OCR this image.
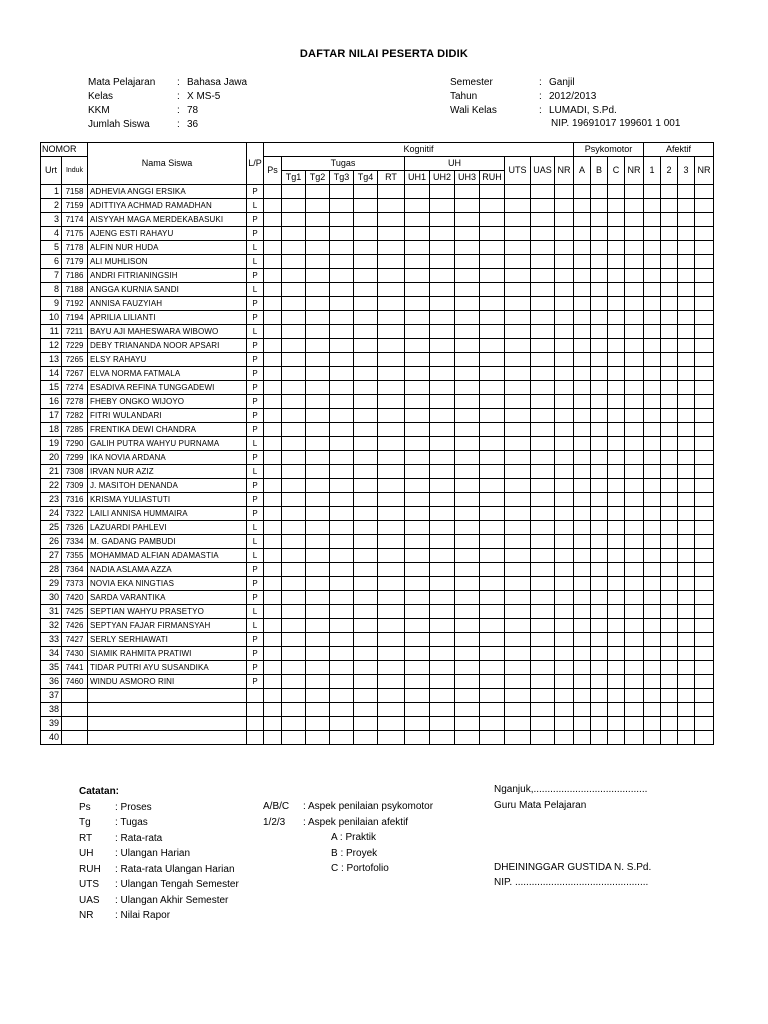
DAFTAR NILAI PESERTA DIDIK
Mata Pelajaran : Bahasa Jawa
Kelas	: X MS-5
KKM	: 78
Jumlah Siswa	: 36
Semester	: Ganjil
Tahun	: 2012/2013
Wali Kelas	: LUMADI, S.Pd.
NIP. 19691017 199601 1 001
NOMOR		Nama Siswa	L/P	Kognitif													Psykomotor				Afektif			
Urt	Induk			Ps	Tugas					UH				UTS	UAS	NR	A	B	C	NR	1	2	3	NR
					Tg1	Tg2	Tg3	Tg4	RT	UH1	UH2	UH3	RUH											
1	7158	ADHEVIA ANGGI ERSIKA	P																					
2	7159	ADITTIYA ACHMAD RAMADHAN	L																					
3	7174	AISYYAH MAGA MERDEKABASUKI	P																					
4	7175	AJENG ESTI RAHAYU	P																					
5	7178	ALFIN NUR HUDA	L																					
6	7179	ALI MUHLISON	L																					
7	7186	ANDRI FITRIANINGSIH	P																					
8	7188	ANGGA KURNIA SANDI	L																					
9	7192	ANNISA FAUZYIAH	P																					
10	7194	APRILIA LILIANTI	P																					
11	7211	BAYU AJI MAHESWARA WIBOWO	L																					
12	7229	DEBY TRIANANDA NOOR APSARI	P																					
13	7265	ELSY RAHAYU	P																					
14	7267	ELVA NORMA FATMALA	P																					
15	7274	ESADIVA REFINA TUNGGADEWI	P																					
16	7278	FHEBY ONGKO WIJOYO	P																					
17	7282	FITRI WULANDARI	P																					
18	7285	FRENTIKA DEWI CHANDRA	P																					
19	7290	GALIH PUTRA WAHYU PURNAMA	L																					
20	7299	IKA NOVIA ARDANA	P																					
21	7308	IRVAN NUR AZIZ	L																					
22	7309	J. MASITOH DENANDA	P																					
23	7316	KRISMA YULIASTUTI	P																					
24	7322	LAILI ANNISA HUMMAIRA	P																					
25	7326	LAZUARDI PAHLEVI	L																					
26	7334	M. GADANG PAMBUDI	L																					
27	7355	MOHAMMAD ALFIAN ADAMASTIA	L																					
28	7364	NADIA ASLAMA AZZA	P																					
29	7373	NOVIA EKA NINGTIAS	P																					
30	7420	SARDA VARANTIKA	P																					
31	7425	SEPTIAN WAHYU PRASETYO	L																					
32	7426	SEPTYAN FAJAR FIRMANSYAH	L																					
33	7427	SERLY SERHIAWATI	P																					
34	7430	SIAMIK RAHMITA PRATIWI	P																					
35	7441	TIDAR PUTRI AYU SUSANDIKA	P																					
36	7460	WINDU ASMORO RINI	P																					
37																								
38																								
39																								
40																								
Catatan:
Ps : Proses
Tg : Tugas
RT : Rata-rata
UH : Ulangan Harian
RUH : Rata-rata Ulangan Harian
UTS : Ulangan Tengah Semester
UAS : Ulangan Akhir Semester
NR : Nilai Rapor
A/B/C : Aspek penilaian psykomotor
1/2/3 : Aspek penilaian afektif
A : Praktik
B : Proyek
C : Portofolio
Nganjuk,.........................................
Guru Mata Pelajaran
DHEININGGAR GUSTIDA N. S.Pd.
NIP. ................................................
